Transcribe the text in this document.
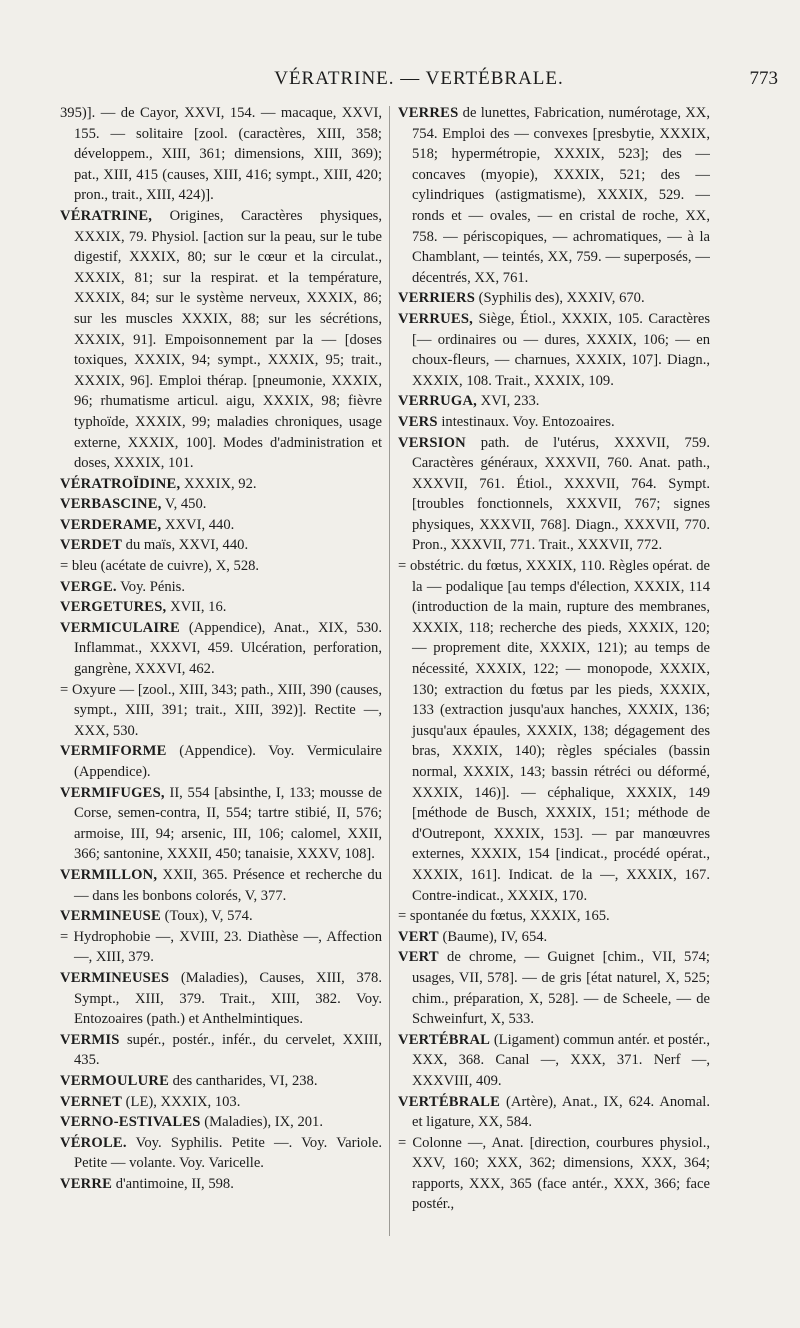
VÉRATRINE. — VERTÉBRALE.	773

395)]. — de Cayor, XXVI, 154. — macaque, XXVI, 155. — solitaire [zool. (caractères, XIII, 358; développem., XIII, 361; dimensions, XIII, 369); pat., XIII, 415 (causes, XIII, 416; sympt., XIII, 420; pron., trait., XIII, 424)].

VÉRATRINE, Origines, Caractères physiques, XXXIX, 79. Physiol. [action sur la peau, sur le tube digestif, XXXIX, 80; sur le cœur et la circulat., XXXIX, 81; sur la respirat. et la température, XXXIX, 84; sur le système nerveux, XXXIX, 86; sur les muscles XXXIX, 88; sur les sécrétions, XXXIX, 91]. Empoisonnement par la — [doses toxiques, XXXIX, 94; sympt., XXXIX, 95; trait., XXXIX, 96]. Emploi thérap. [pneumonie, XXXIX, 96; rhumatisme articul. aigu, XXXIX, 98; fièvre typhoïde, XXXIX, 99; maladies chroniques, usage externe, XXXIX, 100]. Modes d'administration et doses, XXXIX, 101.

VÉRATROÏDINE, XXXIX, 92.

VERBASCINE, V, 450.

VERDERAME, XXVI, 440.

VERDET du maïs, XXVI, 440.

= bleu (acétate de cuivre), X, 528.

VERGE. Voy. Pénis.

VERGETURES, XVII, 16.

VERMICULAIRE (Appendice), Anat., XIX, 530. Inflammat., XXXVI, 459. Ulcération, perforation, gangrène, XXXVI, 462.

= Oxyure — [zool., XIII, 343; path., XIII, 390 (causes, sympt., XIII, 391; trait., XIII, 392)]. Rectite —, XXX, 530.

VERMIFORME (Appendice). Voy. Vermiculaire (Appendice).

VERMIFUGES, II, 554 [absinthe, I, 133; mousse de Corse, semen-contra, II, 554; tartre stibié, II, 576; armoise, III, 94; arsenic, III, 106; calomel, XXII, 366; santonine, XXXII, 450; tanaisie, XXXV, 108].

VERMILLON, XXII, 365. Présence et recherche du — dans les bonbons colorés, V, 377.

VERMINEUSE (Toux), V, 574.

= Hydrophobie —, XVIII, 23. Diathèse —, Affection —, XIII, 379.

VERMINEUSES (Maladies), Causes, XIII, 378. Sympt., XIII, 379. Trait., XIII, 382. Voy. Entozoaires (path.) et Anthelmintiques.

VERMIS supér., postér., infér., du cervelet, XXIII, 435.

VERMOULURE des cantharides, VI, 238.

VERNET (LE), XXXIX, 103.

VERNO-ESTIVALES (Maladies), IX, 201.

VÉROLE. Voy. Syphilis. Petite —. Voy. Variole. Petite — volante. Voy. Varicelle.

VERRE d'antimoine, II, 598.

VERRES de lunettes, Fabrication, numérotage, XX, 754. Emploi des — convexes [presbytie, XXXIX, 518; hypermétropie, XXXIX, 523]; des — concaves (myopie), XXXIX, 521; des — cylindriques (astigmatisme), XXXIX, 529. — ronds et — ovales, — en cristal de roche, XX, 758. — périscopiques, — achromatiques, — à la Chamblant, — teintés, XX, 759. — superposés, — décentrés, XX, 761.

VERRIERS (Syphilis des), XXXIV, 670.

VERRUES, Siège, Étiol., XXXIX, 105. Caractères [— ordinaires ou — dures, XXXIX, 106; — en choux-fleurs, — charnues, XXXIX, 107]. Diagn., XXXIX, 108. Trait., XXXIX, 109.

VERRUGA, XVI, 233.

VERS intestinaux. Voy. Entozoaires.

VERSION path. de l'utérus, XXXVII, 759. Caractères généraux, XXXVII, 760. Anat. path., XXXVII, 761. Étiol., XXXVII, 764. Sympt. [troubles fonctionnels, XXXVII, 767; signes physiques, XXXVII, 768]. Diagn., XXXVII, 770. Pron., XXXVII, 771. Trait., XXXVII, 772.

= obstétric. du fœtus, XXXIX, 110. Règles opérat. de la — podalique [au temps d'élection, XXXIX, 114 (introduction de la main, rupture des membranes, XXXIX, 118; recherche des pieds, XXXIX, 120; — proprement dite, XXXIX, 121); au temps de nécessité, XXXIX, 122; — monopode, XXXIX, 130; extraction du fœtus par les pieds, XXXIX, 133 (extraction jusqu'aux hanches, XXXIX, 136; jusqu'aux épaules, XXXIX, 138; dégagement des bras, XXXIX, 140); règles spéciales (bassin normal, XXXIX, 143; bassin rétréci ou déformé, XXXIX, 146)]. — céphalique, XXXIX, 149 [méthode de Busch, XXXIX, 151; méthode de d'Outrepont, XXXIX, 153]. — par manœuvres externes, XXXIX, 154 [indicat., procédé opérat., XXXIX, 161]. Indicat. de la —, XXXIX, 167. Contre-indicat., XXXIX, 170.

= spontanée du fœtus, XXXIX, 165.

VERT (Baume), IV, 654.

VERT de chrome, — Guignet [chim., VII, 574; usages, VII, 578]. — de gris [état naturel, X, 525; chim., préparation, X, 528]. — de Scheele, — de Schweinfurt, X, 533.

VERTÉBRAL (Ligament) commun antér. et postér., XXX, 368. Canal —, XXX, 371. Nerf —, XXXVIII, 409.

VERTÉBRALE (Artère), Anat., IX, 624. Anomal. et ligature, XX, 584.

= Colonne —, Anat. [direction, courbures physiol., XXV, 160; XXX, 362; dimensions, XXX, 364; rapports, XXX, 365 (face antér., XXX, 366; face postér.,
